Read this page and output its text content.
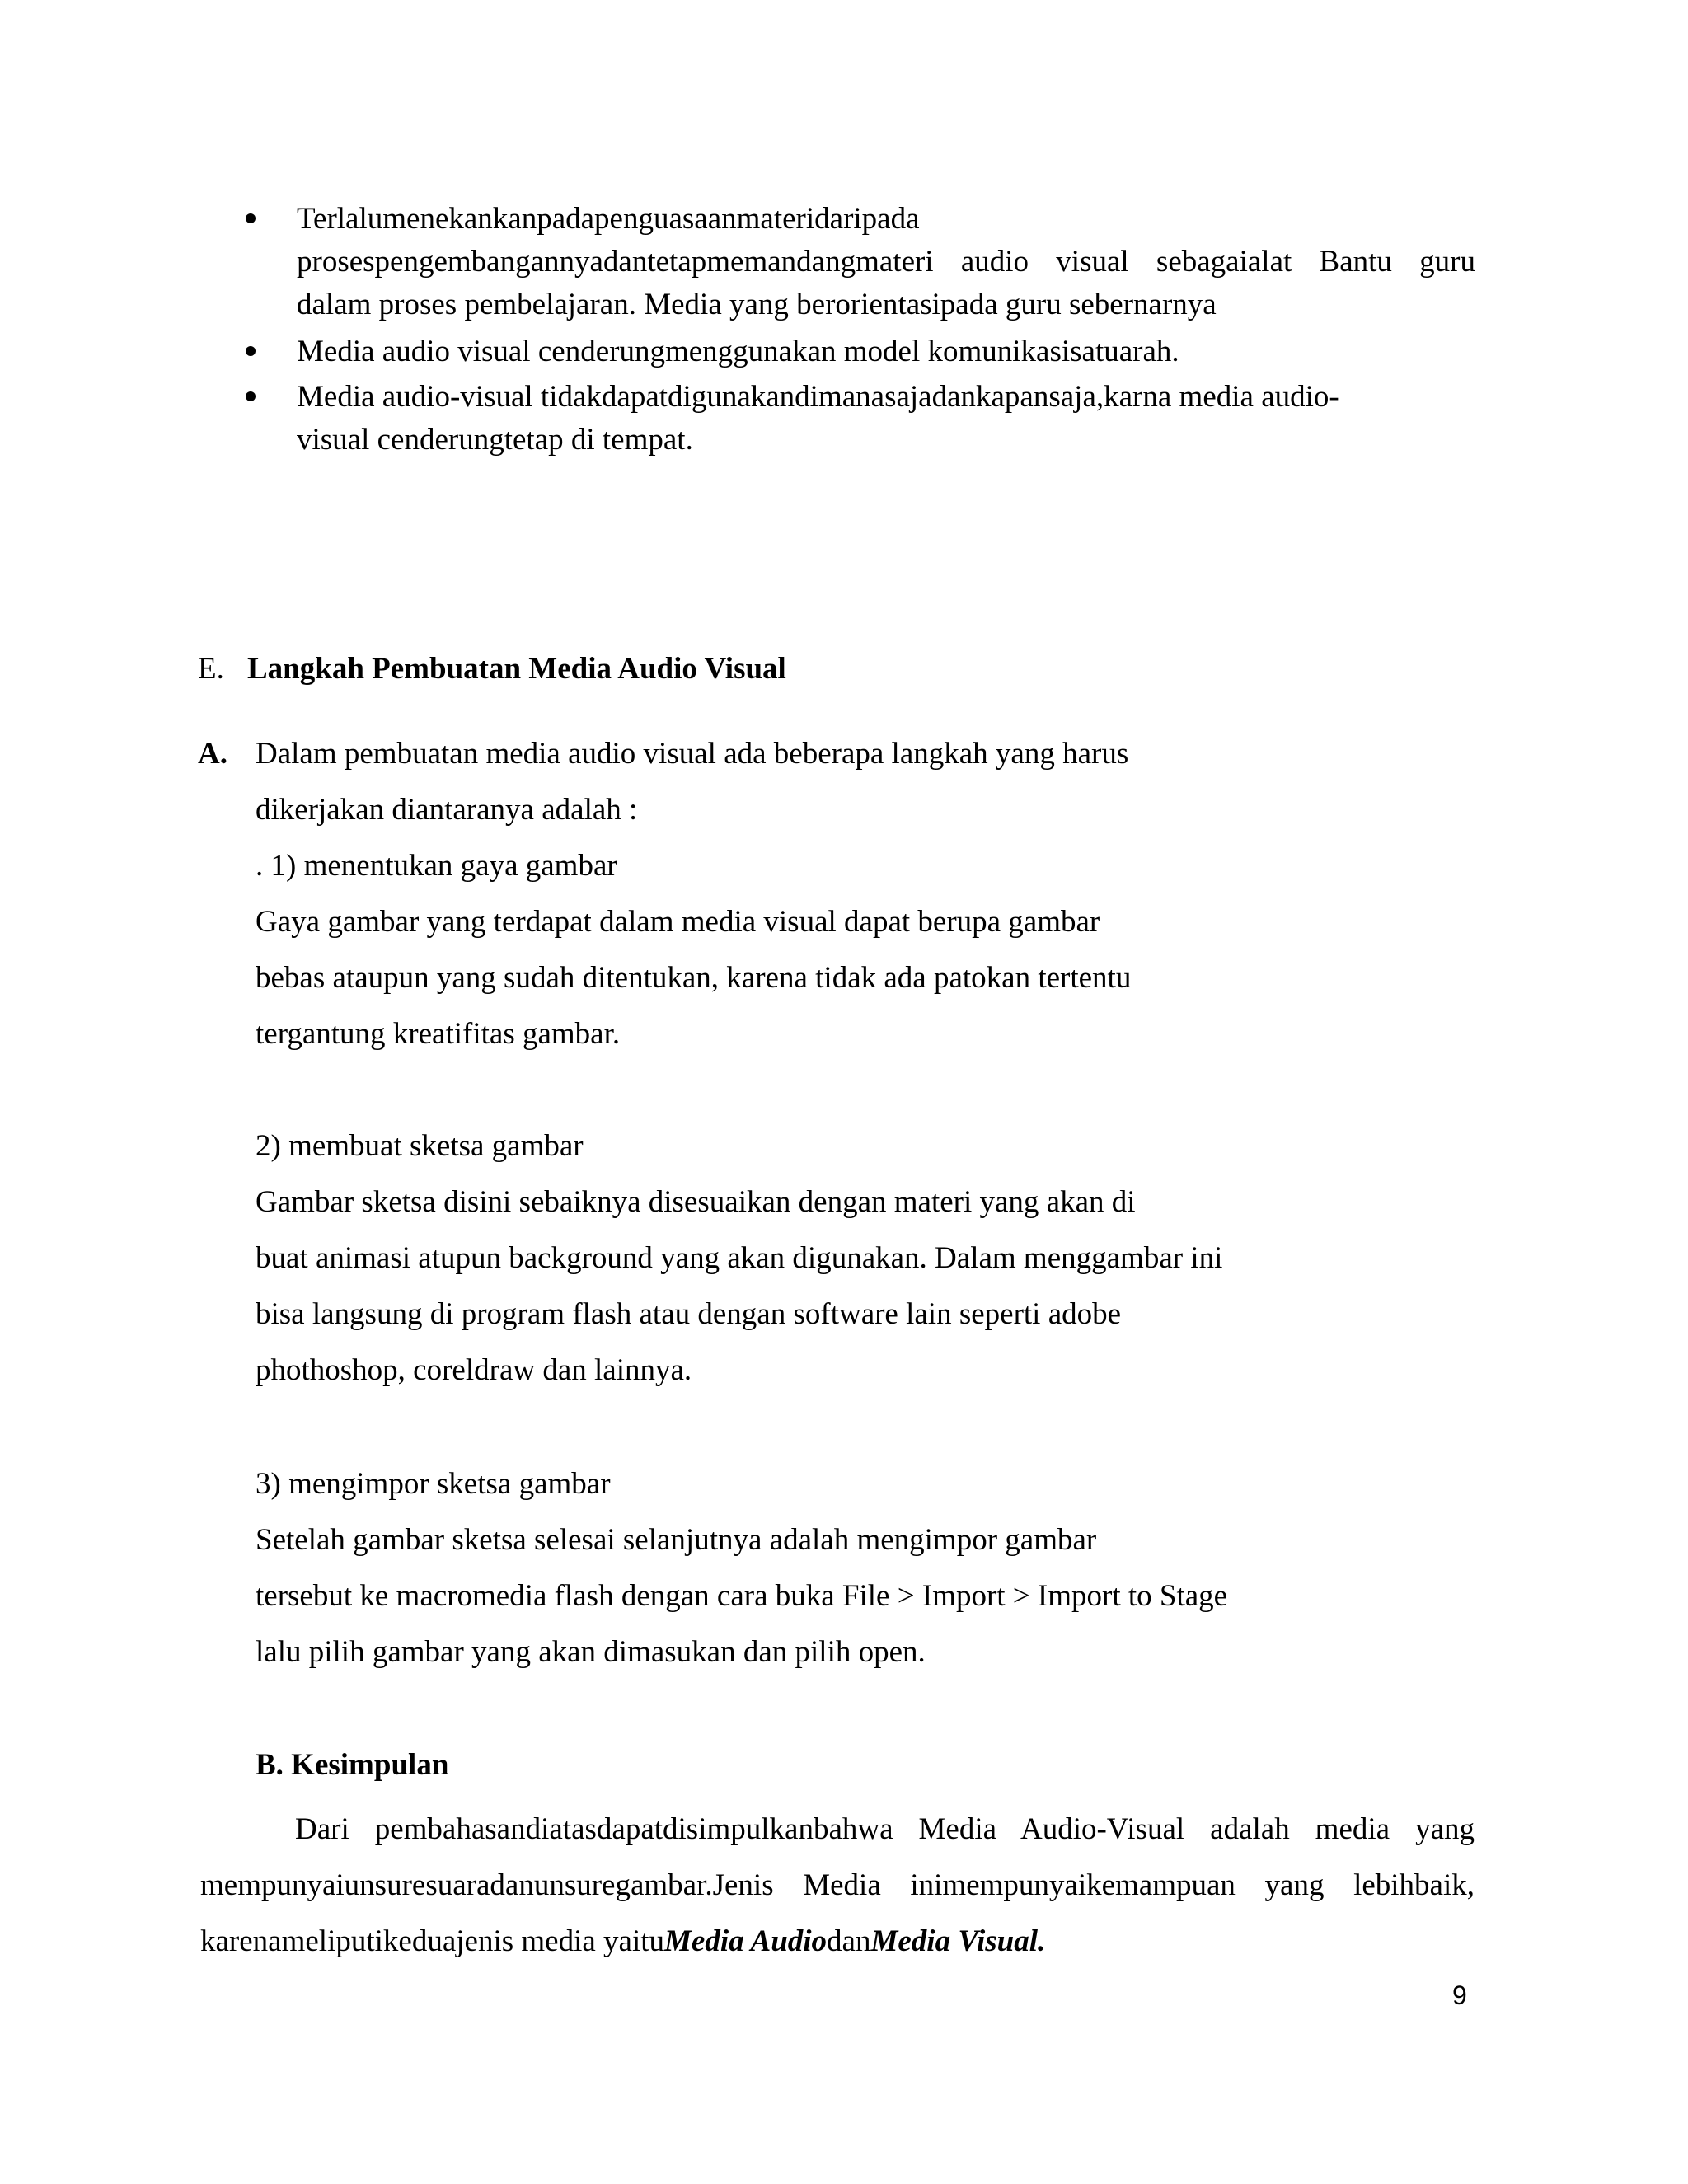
Terlalumenekankanpadapenguasaanmateridaripada
prosespengembangannyadantetapmemandangmateri audio visual sebagaialat Bantu guru
dalam proses pembelajaran. Media yang berorientasipada guru sebernarnya
Media audio visual cenderungmenggunakan model komunikasisatuarah.
Media audio-visual tidakdapatdigunakandimanasajadankapansaja,karna media audio-
visual cenderungtetap di tempat.
E. Langkah Pembuatan Media Audio Visual
A. Dalam pembuatan media audio visual ada beberapa langkah yang harus
dikerjakan diantaranya adalah :
. 1) menentukan gaya gambar
Gaya gambar yang terdapat dalam media visual dapat berupa gambar
bebas ataupun yang sudah ditentukan, karena tidak ada patokan tertentu
tergantung kreatifitas gambar.
2) membuat sketsa gambar
Gambar sketsa disini sebaiknya disesuaikan dengan materi yang akan di
buat animasi atupun background yang akan digunakan. Dalam menggambar ini
bisa langsung di program flash atau dengan software lain seperti adobe
phothoshop, coreldraw dan lainnya.
3) mengimpor sketsa gambar
Setelah gambar sketsa selesai selanjutnya adalah mengimpor gambar
tersebut ke macromedia flash dengan cara buka File > Import > Import to Stage
lalu pilih gambar yang akan dimasukan dan pilih open.
B. Kesimpulan
Dari pembahasandiatasdapatdisimpulkanbahwa Media Audio-Visual adalah media yang
mempunyaiunsuresuaradanunsuregambar.Jenis Media inimempunyaikemampuan yang lebihbaik,
karenameliputikeduajenis media yaituMedia AudiodanMedia Visual.
9
